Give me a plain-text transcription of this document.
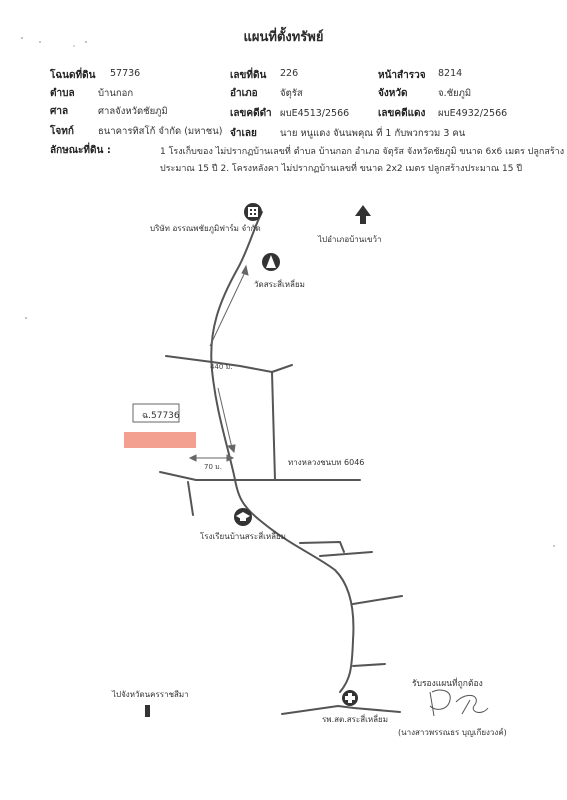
แผนที่ตั้งทรัพย์
โฉนดที่ดิน 57736	เลขที่ดิน 226	หน้าสำรวจ 8214
ตำบล บ้านกอก	อำเภอ จัตุรัส	จังหวัด	จ.ชัยภูมิ
ศาล	ศาลจังหวัดชัยภูมิ	เลขคดีดำ ผบE4513/2566	เลขคดีแดง ผบE4932/2566
โจทก์	ธนาคารทิสโก้ จำกัด (มหาชน) จำเลย นาย หนูแดง จันนพคุณ ที่ 1 กับพวกรวม 3 คน
ลักษณะที่ดิน :	1 โรงเก็บของ ไม่ปรากฏบ้านเลขที่ ตำบล บ้านกอก อำเภอ จัตุรัส จังหวัดชัยภูมิ ขนาด 6x6 เมตร ปลูกสร้าง
ประมาณ 15 ปี 2. โครงหลังคา ไม่ปรากฏบ้านเลขที่ ขนาด 2x2 เมตร ปลูกสร้างประมาณ 15 ปี
บริษัท อรรณพชัยภูมิฟาร์ม จำกัด
ไปอำเภอบ้านเขว้า
วัดสระสี่เหลี่ยม
440 ม.
ฉ.57736
70 ม.	ทางหลวงชนบท 6046
โรงเรียนบ้านสระสี่เหลี่ยม
ไปจังหวัดนครราชสีมา
รพ.สต.สระสี่เหลี่ยม
รับรองแผนที่ถูกต้อง
(นางสาวพรรณธร บุญเกียงวงค์)
